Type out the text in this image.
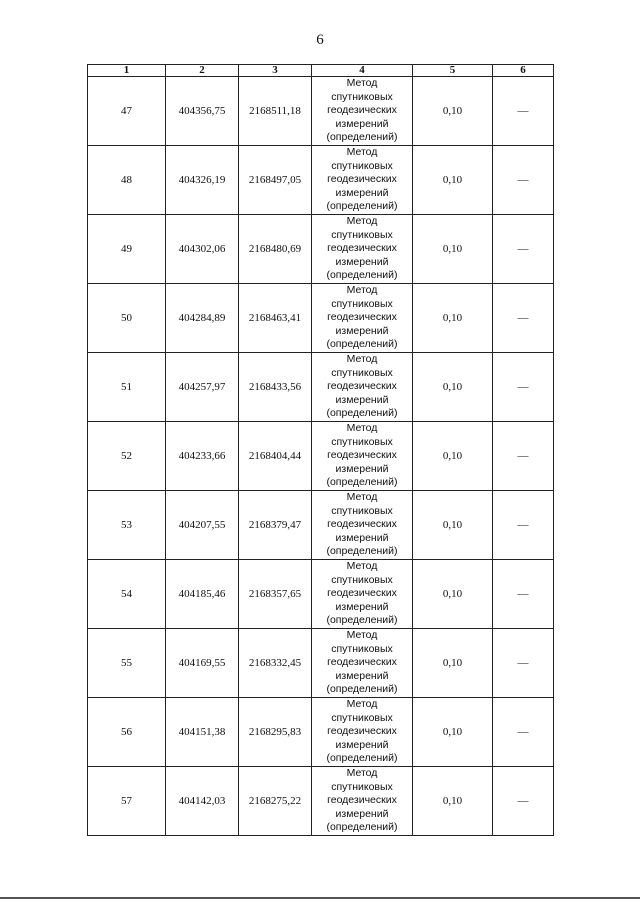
6
1	2	3	4	5	6
47	404356,75	2168511,18	Метод
спутниковых
геодезических
измерений
(определений)	0,10	—
48	404326,19	2168497,05	Метод
спутниковых
геодезических
измерений
(определений)	0,10	—
49	404302,06	2168480,69	Метод
спутниковых
геодезических
измерений
(определений)	0,10	—
50	404284,89	2168463,41	Метод
спутниковых
геодезических
измерений
(определений)	0,10	—
51	404257,97	2168433,56	Метод
спутниковых
геодезических
измерений
(определений)	0,10	—
52	404233,66	2168404,44	Метод
спутниковых
геодезических
измерений
(определений)	0,10	—
53	404207,55	2168379,47	Метод
спутниковых
геодезических
измерений
(определений)	0,10	—
54	404185,46	2168357,65	Метод
спутниковых
геодезических
измерений
(определений)	0,10	—
55	404169,55	2168332,45	Метод
спутниковых
геодезических
измерений
(определений)	0,10	—
56	404151,38	2168295,83	Метод
спутниковых
геодезических
измерений
(определений)	0,10	—
57	404142,03	2168275,22	Метод
спутниковых
геодезических
измерений
(определений)	0,10	—
